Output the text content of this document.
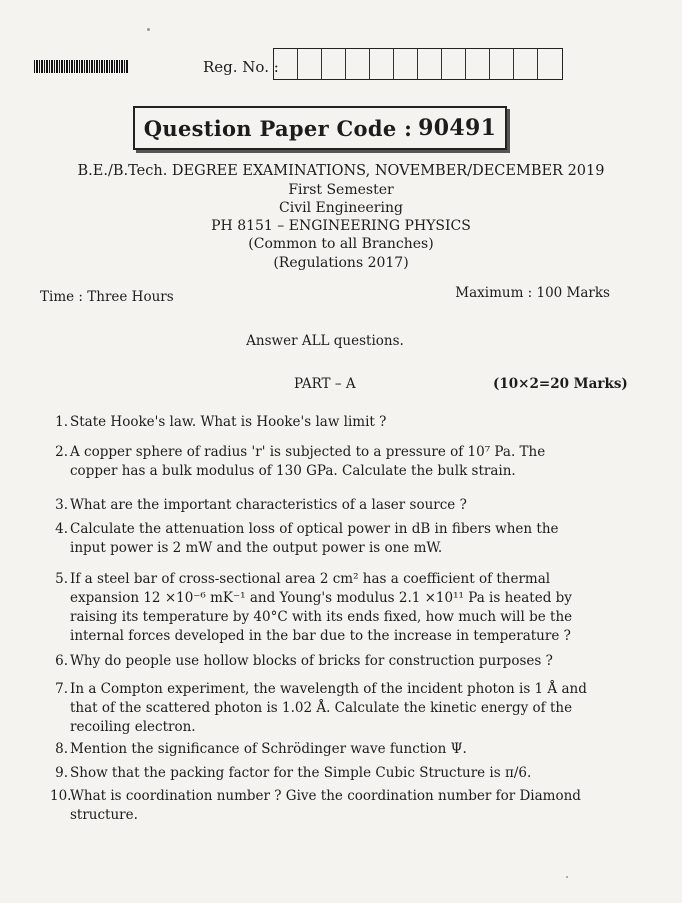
Reg. No. :
Question Paper Code : 90491
B.E./B.Tech. DEGREE EXAMINATIONS, NOVEMBER/DECEMBER 2019
First Semester
Civil Engineering
PH 8151 – ENGINEERING PHYSICS
(Common to all Branches)
(Regulations 2017)
Time : Three Hours	Maximum : 100 Marks
Answer ALL questions.
PART – A	(10×2=20 Marks)
1. State Hooke's law. What is Hooke's law limit ?
2. A copper sphere of radius 'r' is subjected to a pressure of 10⁷ Pa. The copper has a bulk modulus of 130 GPa. Calculate the bulk strain.
3. What are the important characteristics of a laser source ?
4. Calculate the attenuation loss of optical power in dB in fibers when the input power is 2 mW and the output power is one mW.
5. If a steel bar of cross-sectional area 2 cm² has a coefficient of thermal expansion 12 ×10⁻⁶ mK⁻¹ and Young's modulus 2.1 ×10¹¹ Pa is heated by raising its temperature by 40°C with its ends fixed, how much will be the internal forces developed in the bar due to the increase in temperature ?
6. Why do people use hollow blocks of bricks for construction purposes ?
7. In a Compton experiment, the wavelength of the incident photon is 1 Å and that of the scattered photon is 1.02 Å. Calculate the kinetic energy of the recoiling electron.
8. Mention the significance of Schrödinger wave function Ψ.
9. Show that the packing factor for the Simple Cubic Structure is π/6.
10.
What is coordination number ? Give the coordination number for Diamond structure.
